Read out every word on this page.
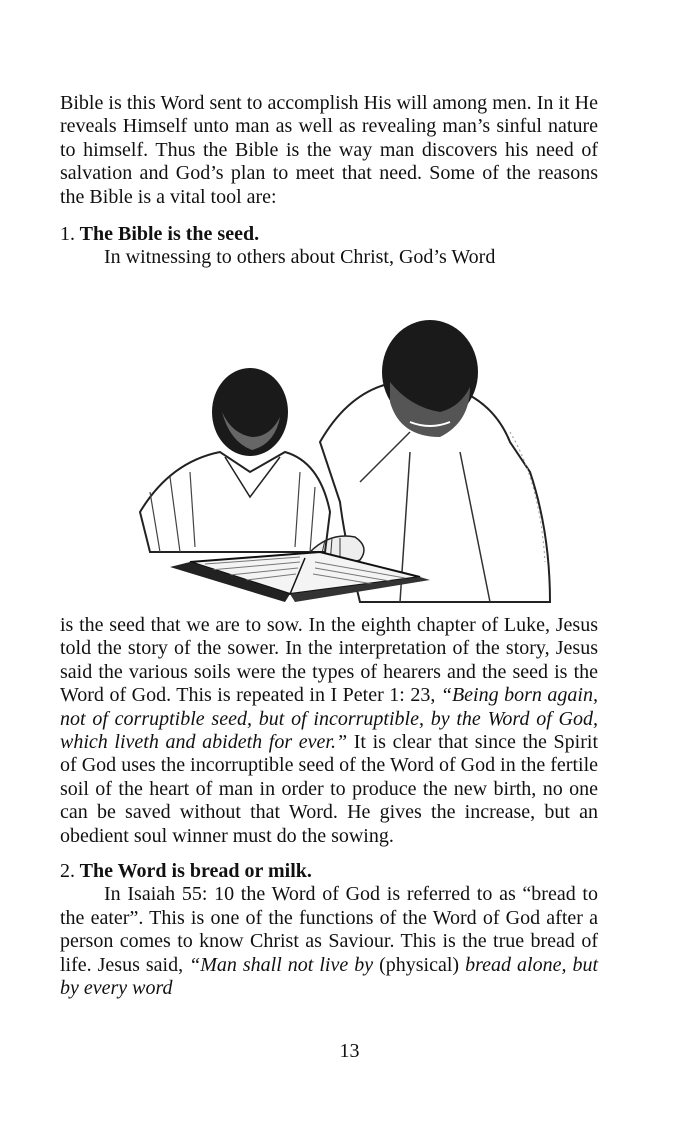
Bible is this Word sent to accomplish His will among men. In it He reveals Himself unto man as well as revealing man’s sinful nature to himself. Thus the Bible is the way man discovers his need of salvation and God’s plan to meet that need. Some of the reasons the Bible is a vital tool are:

1. The Bible is the seed.

In witnessing to others about Christ, God’s Word

is the seed that we are to sow. In the eighth chapter of Luke, Jesus told the story of the sower. In the interpretation of the story, Jesus said the various soils were the types of hearers and the seed is the Word of God. This is repeated in I Peter 1: 23, “Being born again, not of corruptible seed, but of incorruptible, by the Word of God, which liveth and abideth for ever.” It is clear that since the Spirit of God uses the incorruptible seed of the Word of God in the fertile soil of the heart of man in order to produce the new birth, no one can be saved without that Word. He gives the increase, but an obedient soul winner must do the sowing.

2. The Word is bread or milk.

In Isaiah 55: 10 the Word of God is referred to as “bread to the eater”. This is one of the functions of the Word of God after a person comes to know Christ as Saviour. This is the true bread of life. Jesus said, “Man shall not live by (physical) bread alone, but by every word

13
